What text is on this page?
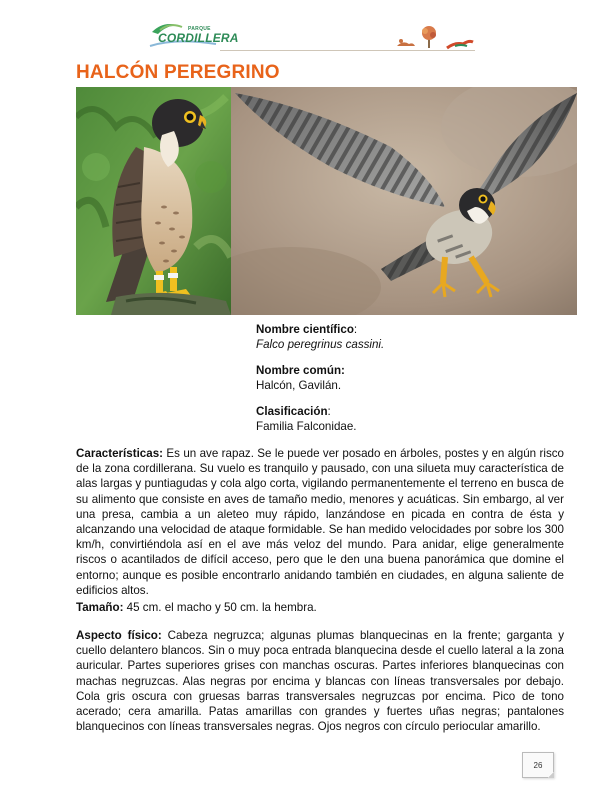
PARQUE
CORDILLERA
HALCÓN PEREGRINO

Nombre científico:

Falco peregrinus cassini.

Nombre común:

Halcón, Gavilán.

Clasificación:

Familia Falconidae.

Características: Es un ave rapaz. Se le puede ver posado en árboles, postes y en algún risco de la zona cordillerana. Su vuelo es tranquilo y pausado, con una silueta muy característica de alas largas y puntiagudas y cola algo corta, vigilando permanentemente el terreno en busca de su alimento que consiste en aves de tamaño medio, menores y acuáticas. Sin embargo, al ver una presa, cambia a un aleteo muy rápido, lanzándose en picada en contra de ésta y alcanzando una velocidad de ataque formidable. Se han medido velocidades por sobre los 300 km/h, convirtiéndola así en el ave más veloz del mundo. Para anidar, elige generalmente riscos o acantilados de difícil acceso, pero que le den una buena panorámica que domine el entorno; aunque es posible encontrarlo anidando también en ciudades, en alguna saliente de edificios altos.

Tamaño: 45 cm. el macho y 50 cm. la hembra.

Aspecto físico: Cabeza negruzca; algunas plumas blanquecinas en la frente; garganta y cuello delantero blancos. Sin o muy poca entrada blanquecina desde el cuello lateral a la zona auricular. Partes superiores grises con manchas oscuras. Partes inferiores blanquecinas con machas negruzcas. Alas negras por encima y blancas con líneas transversales por debajo. Cola gris oscura con gruesas barras transversales negruzcas por encima. Pico de tono acerado; cera amarilla. Patas amarillas con grandes y fuertes uñas negras; pantalones blanquecinos con líneas transversales negras. Ojos negros con círculo periocular amarillo.

26
